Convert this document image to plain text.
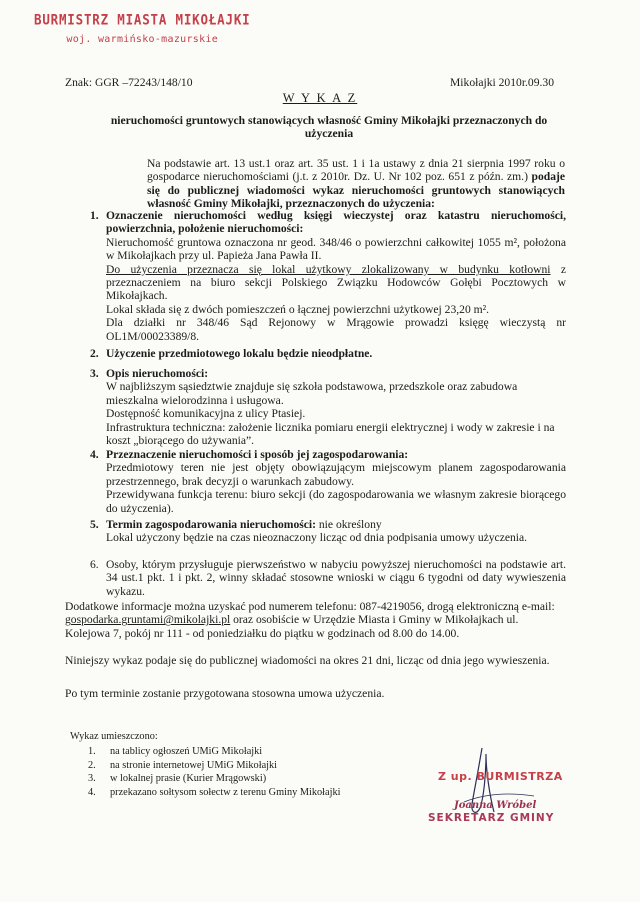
BURMISTRZ MIASTA MIKOŁAJKI
woj. warmińsko-mazurskie
Znak: GGR –72243/148/10	Mikołajki 2010r.09.30
W Y K A Z
nieruchomości gruntowych stanowiących własność Gminy Mikołajki przeznaczonych do użyczenia
Na podstawie art. 13 ust.1 oraz art. 35 ust. 1 i 1a ustawy z dnia 21 sierpnia 1997 roku o gospodarce nieruchomościami (j.t. z 2010r. Dz. U. Nr 102 poz. 651 z późn. zm.) podaje się do publicznej wiadomości wykaz nieruchomości gruntowych stanowiących własność Gminy Mikołajki, przeznaczonych do użyczenia:
1. Oznaczenie nieruchomości według księgi wieczystej oraz katastru nieruchomości, powierzchnia, położenie nieruchomości:
Nieruchomość gruntowa oznaczona nr geod. 348/46 o powierzchni całkowitej 1055 m², położona w Mikołajkach przy ul. Papieża Jana Pawła II.
Do użyczenia przeznacza się lokal użytkowy zlokalizowany w budynku kotłowni z przeznaczeniem na biuro sekcji Polskiego Związku Hodowców Gołębi Pocztowych w Mikołajkach.
Lokal składa się z dwóch pomieszczeń o łącznej powierzchni użytkowej 23,20 m².
Dla działki nr 348/46 Sąd Rejonowy w Mrągowie prowadzi księgę wieczystą nr OL1M/00023389/8.
2. Użyczenie przedmiotowego lokalu będzie nieodpłatne.
3. Opis nieruchomości:
W najbliższym sąsiedztwie znajduje się szkoła podstawowa, przedszkole oraz zabudowa mieszkalna wielorodzinna i usługowa.
Dostępność komunikacyjna z ulicy Ptasiej.
Infrastruktura techniczna: założenie licznika pomiaru energii elektrycznej i wody w zakresie i na koszt „biorącego do używania”.
4. Przeznaczenie nieruchomości i sposób jej zagospodarowania:
Przedmiotowy teren nie jest objęty obowiązującym miejscowym planem zagospodarowania przestrzennego, brak decyzji o warunkach zabudowy.
Przewidywana funkcja terenu: biuro sekcji (do zagospodarowania we własnym zakresie biorącego do użyczenia).
5. Termin zagospodarowania nieruchomości: nie określony
Lokal użyczony będzie na czas nieoznaczony licząc od dnia podpisania umowy użyczenia.
6. Osoby, którym przysługuje pierwszeństwo w nabyciu powyższej nieruchomości na podstawie art. 34 ust.1 pkt. 1 i pkt. 2, winny składać stosowne wnioski w ciągu 6 tygodni od daty wywieszenia wykazu.
Dodatkowe informacje można uzyskać pod numerem telefonu: 087-4219056, drogą elektroniczną e-mail: gospodarka.gruntami@mikolajki.pl oraz osobiście w Urzędzie Miasta i Gminy w Mikołajkach ul. Kolejowa 7, pokój nr 111 - od poniedziałku do piątku w godzinach od 8.00 do 14.00.
Niniejszy wykaz podaje się do publicznej wiadomości na okres 21 dni, licząc od dnia jego wywieszenia.
Po tym terminie zostanie przygotowana stosowna umowa użyczenia.
Wykaz umieszczono:
1. na tablicy ogłoszeń UMiG Mikołajki
2. na stronie internetowej UMiG Mikołajki
3. w lokalnej prasie (Kurier Mrągowski)
4. przekazano sołtysom sołectw z terenu Gminy Mikołajki
Z up. BURMISTRZA
Joanna Wróbel
SEKRETARZ GMINY
